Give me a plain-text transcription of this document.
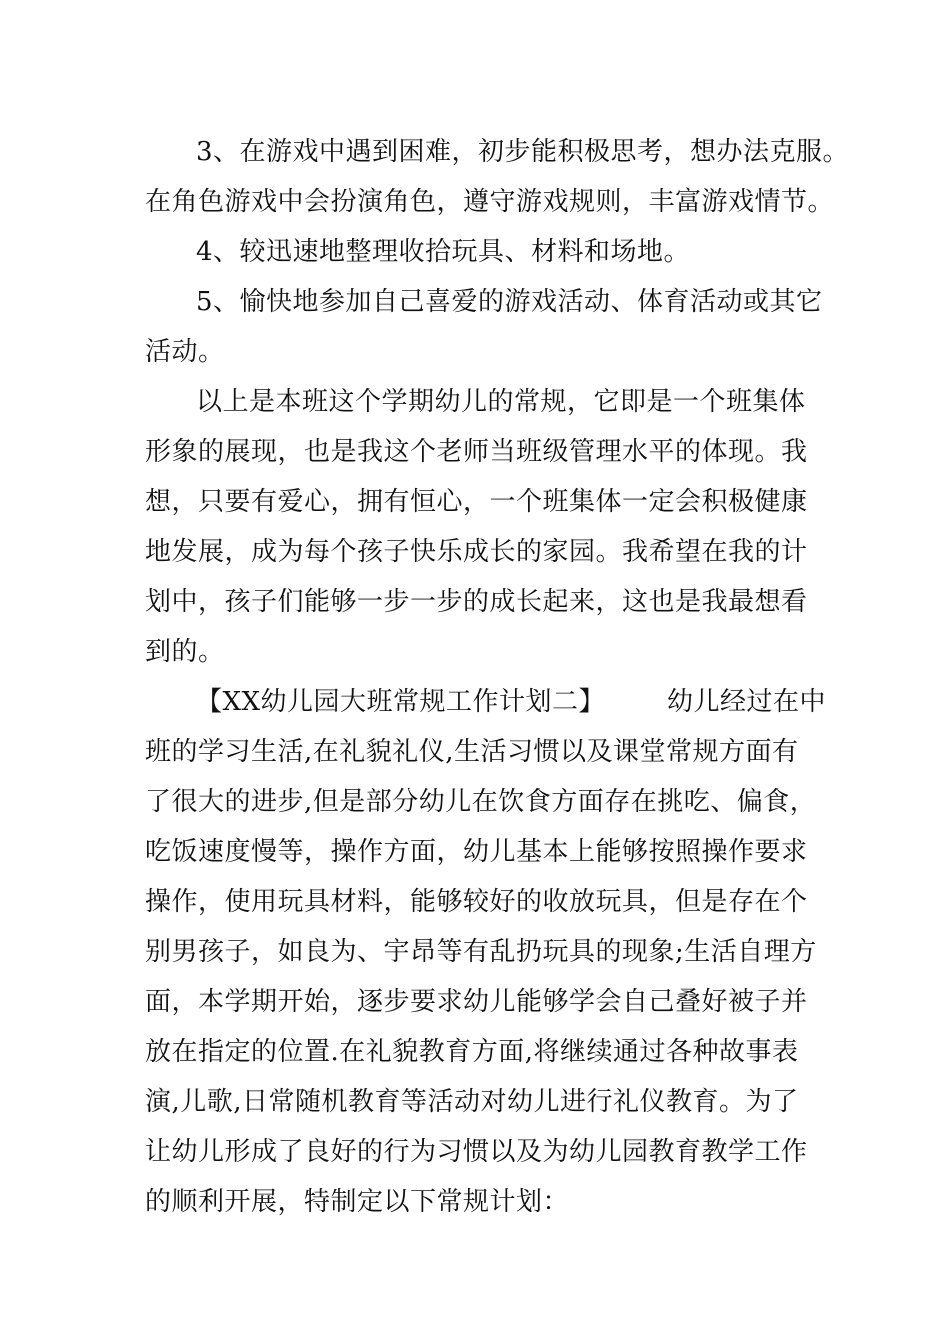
3、在游戏中遇到困难，初步能积极思考，想办法克服。
在角色游戏中会扮演角色，遵守游戏规则，丰富游戏情节。
4、较迅速地整理收拾玩具、材料和场地。
5、愉快地参加自己喜爱的游戏活动、体育活动或其它
活动。
以上是本班这个学期幼儿的常规，它即是一个班集体
形象的展现，也是我这个老师当班级管理水平的体现。我
想，只要有爱心，拥有恒心，一个班集体一定会积极健康
地发展，成为每个孩子快乐成长的家园。我希望在我的计
划中，孩子们能够一步一步的成长起来，这也是我最想看
到的。
【XX幼儿园大班常规工作计划二】 幼儿经过在中
班的学习生活,在礼貌礼仪,生活习惯以及课堂常规方面有
了很大的进步,但是部分幼儿在饮食方面存在挑吃、偏食，
吃饭速度慢等，操作方面，幼儿基本上能够按照操作要求
操作，使用玩具材料，能够较好的收放玩具，但是存在个
别男孩子，如良为、宇昂等有乱扔玩具的现象;生活自理方
面，本学期开始，逐步要求幼儿能够学会自己叠好被子并
放在指定的位置.在礼貌教育方面,将继续通过各种故事表
演,儿歌,日常随机教育等活动对幼儿进行礼仪教育。为了
让幼儿形成了良好的行为习惯以及为幼儿园教育教学工作
的顺利开展，特制定以下常规计划：
